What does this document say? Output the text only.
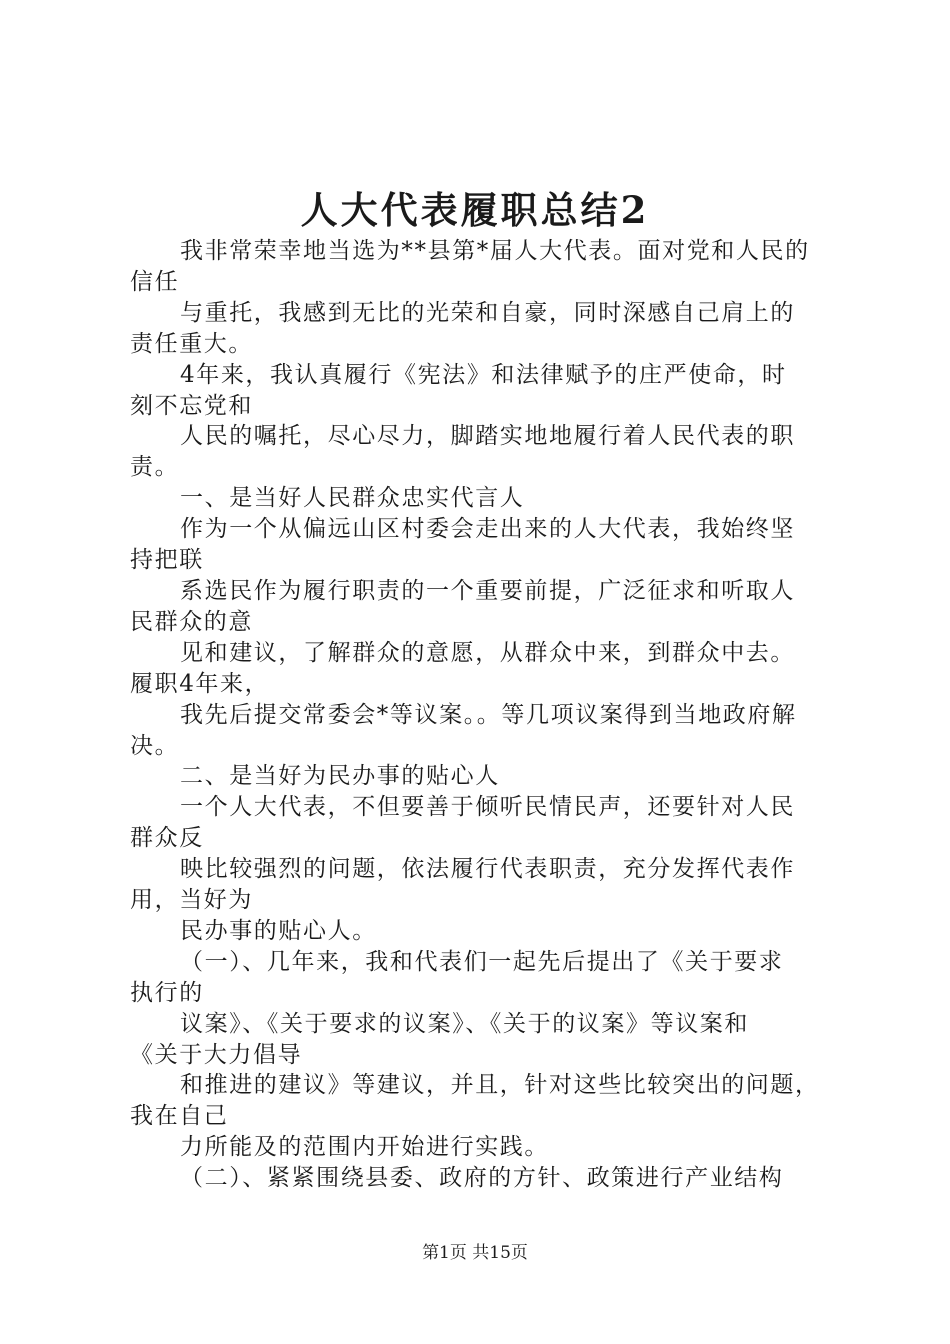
人大代表履职总结2
我非常荣幸地当选为**县第*届人大代表。面对党和人民的
信任
与重托，我感到无比的光荣和自豪，同时深感自己肩上的
责任重大。
4年来，我认真履行《宪法》和法律赋予的庄严使命，时
刻不忘党和
人民的嘱托，尽心尽力，脚踏实地地履行着人民代表的职
责。
一、是当好人民群众忠实代言人
作为一个从偏远山区村委会走出来的人大代表，我始终坚
持把联
系选民作为履行职责的一个重要前提，广泛征求和听取人
民群众的意
见和建议，了解群众的意愿，从群众中来，到群众中去。
履职4年来，
我先后提交常委会*等议案。。等几项议案得到当地政府解
决。
二、是当好为民办事的贴心人
一个人大代表，不但要善于倾听民情民声，还要针对人民
群众反
映比较强烈的问题，依法履行代表职责，充分发挥代表作
用，当好为
民办事的贴心人。
（一）、几年来，我和代表们一起先后提出了《关于要求
执行的
议案》、《关于要求的议案》、《关于的议案》等议案和
《关于大力倡导
和推进的建议》等建议，并且，针对这些比较突出的问题，
我在自己
力所能及的范围内开始进行实践。
（二）、紧紧围绕县委、政府的方针、政策进行产业结构
第1页 共15页
